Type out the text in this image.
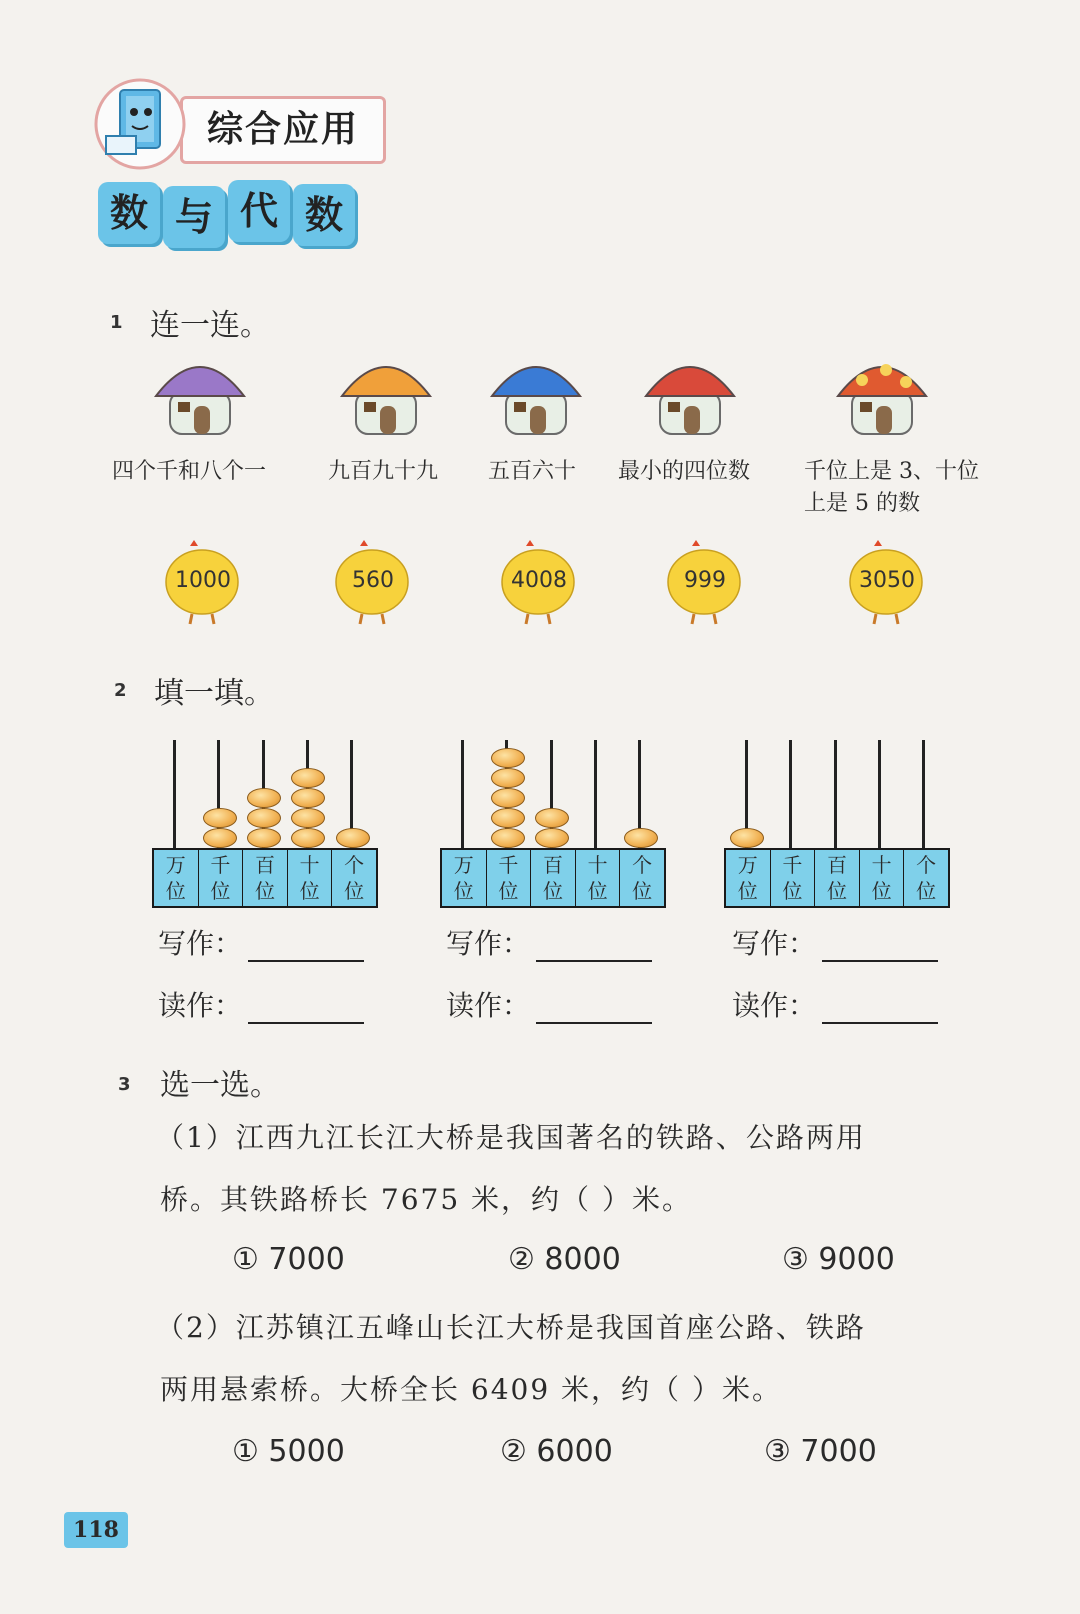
综合应用
数 与 代 数
1 连一连。
四个千和八个一	九百九十九 五百六十 最小的四位数 千位上是 3、十位
上是 5 的数
1000	560	4008	999	3050
2 填一填。
万
位
千
位
百
位
十
位
个
位
万
位
千
位
百
位
十
位
个
位
万
位
千
位
百
位
十
位
个
位
写作：
读作：
写作：
读作：
写作：
读作：
3 选一选。
（1）江西九江长江大桥是我国著名的铁路、公路两用
桥。其铁路桥长 7675 米，约（ ）米。
① 7000	② 8000	③ 9000
（2）江苏镇江五峰山长江大桥是我国首座公路、铁路
两用悬索桥。大桥全长 6409 米，约（ ）米。
① 5000	② 6000	③ 7000
118
